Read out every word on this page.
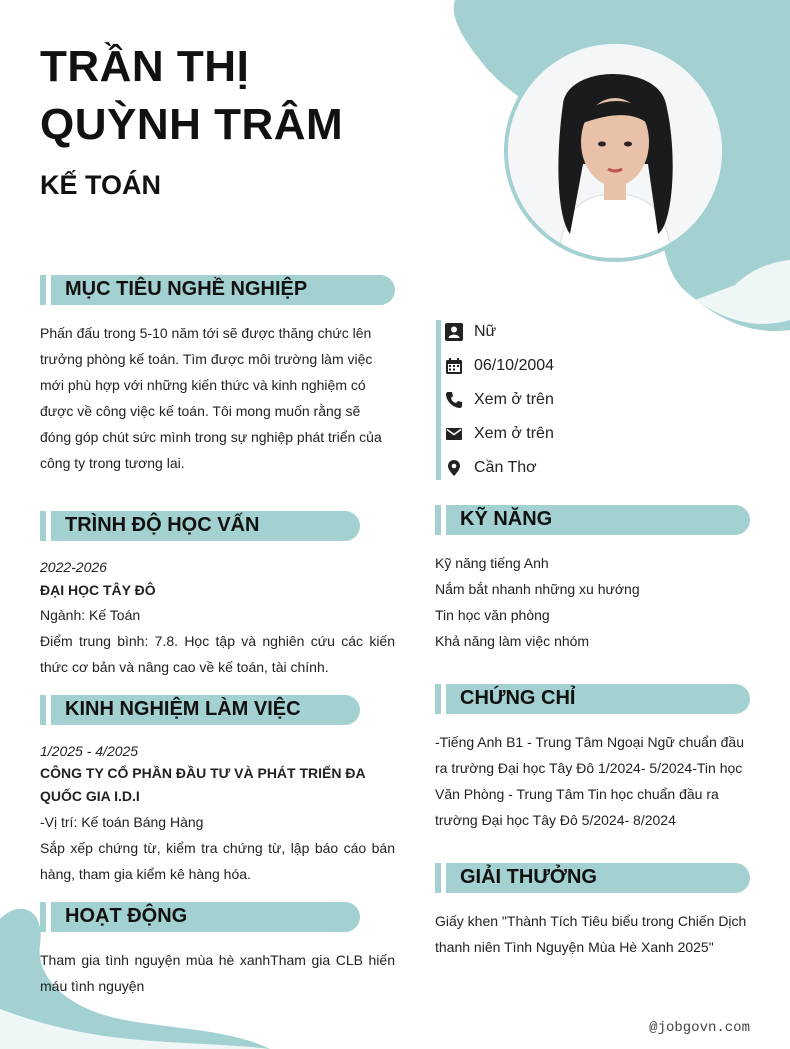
TRẦN THỊ
QUỲNH TRÂM
KẾ TOÁN
MỤC TIÊU NGHỀ NGHIỆP
Phấn đấu trong 5-10 năm tới sẽ được thăng chức lên trưởng phòng kế toán. Tìm được môi trường làm việc mới phù hợp với những kiến thức và kinh nghiệm có được về công việc kế toán. Tôi mong muốn rằng sẽ đóng góp chút sức mình trong sự nghiệp phát triển của công ty trong tương lai.
TRÌNH ĐỘ HỌC VẤN
2022-2026
ĐẠI HỌC TÂY ĐÔ
Ngành: Kế Toán
Điểm trung bình: 7.8. Học tập và nghiên cứu các kiến thức cơ bản và nâng cao về kế toán, tài chính.
KINH NGHIỆM LÀM VIỆC
1/2025 - 4/2025
CÔNG TY CỔ PHẦN ĐẦU TƯ VÀ PHÁT TRIỂN ĐA QUỐC GIA I.D.I
-Vị trí: Kế toán Báng Hàng
Sắp xếp chứng từ, kiểm tra chứng từ, lập báo cáo bán hàng, tham gia kiểm kê hàng hóa.
HOẠT ĐỘNG
Tham gia tình nguyện mùa hè xanhTham gia CLB hiến máu tình nguyện
Nữ
06/10/2004
Xem ở trên
Xem ở trên
Cần Thơ
KỸ NĂNG
Kỹ năng tiếng Anh
Nắm bắt nhanh những xu hướng
Tin học văn phòng
Khả năng làm việc nhóm
CHỨNG CHỈ
-Tiếng Anh B1 - Trung Tâm Ngoại Ngữ chuẩn đầu ra trường Đại học Tây Đô 1/2024- 5/2024-Tin học Văn Phòng - Trung Tâm Tin học chuẩn đầu ra trường Đại học Tây Đô 5/2024- 8/2024
GIẢI THƯỞNG
Giấy khen "Thành Tích Tiêu biểu trong Chiến Dịch thanh niên Tình Nguyện Mùa Hè Xanh 2025"
@jobgovn.com
